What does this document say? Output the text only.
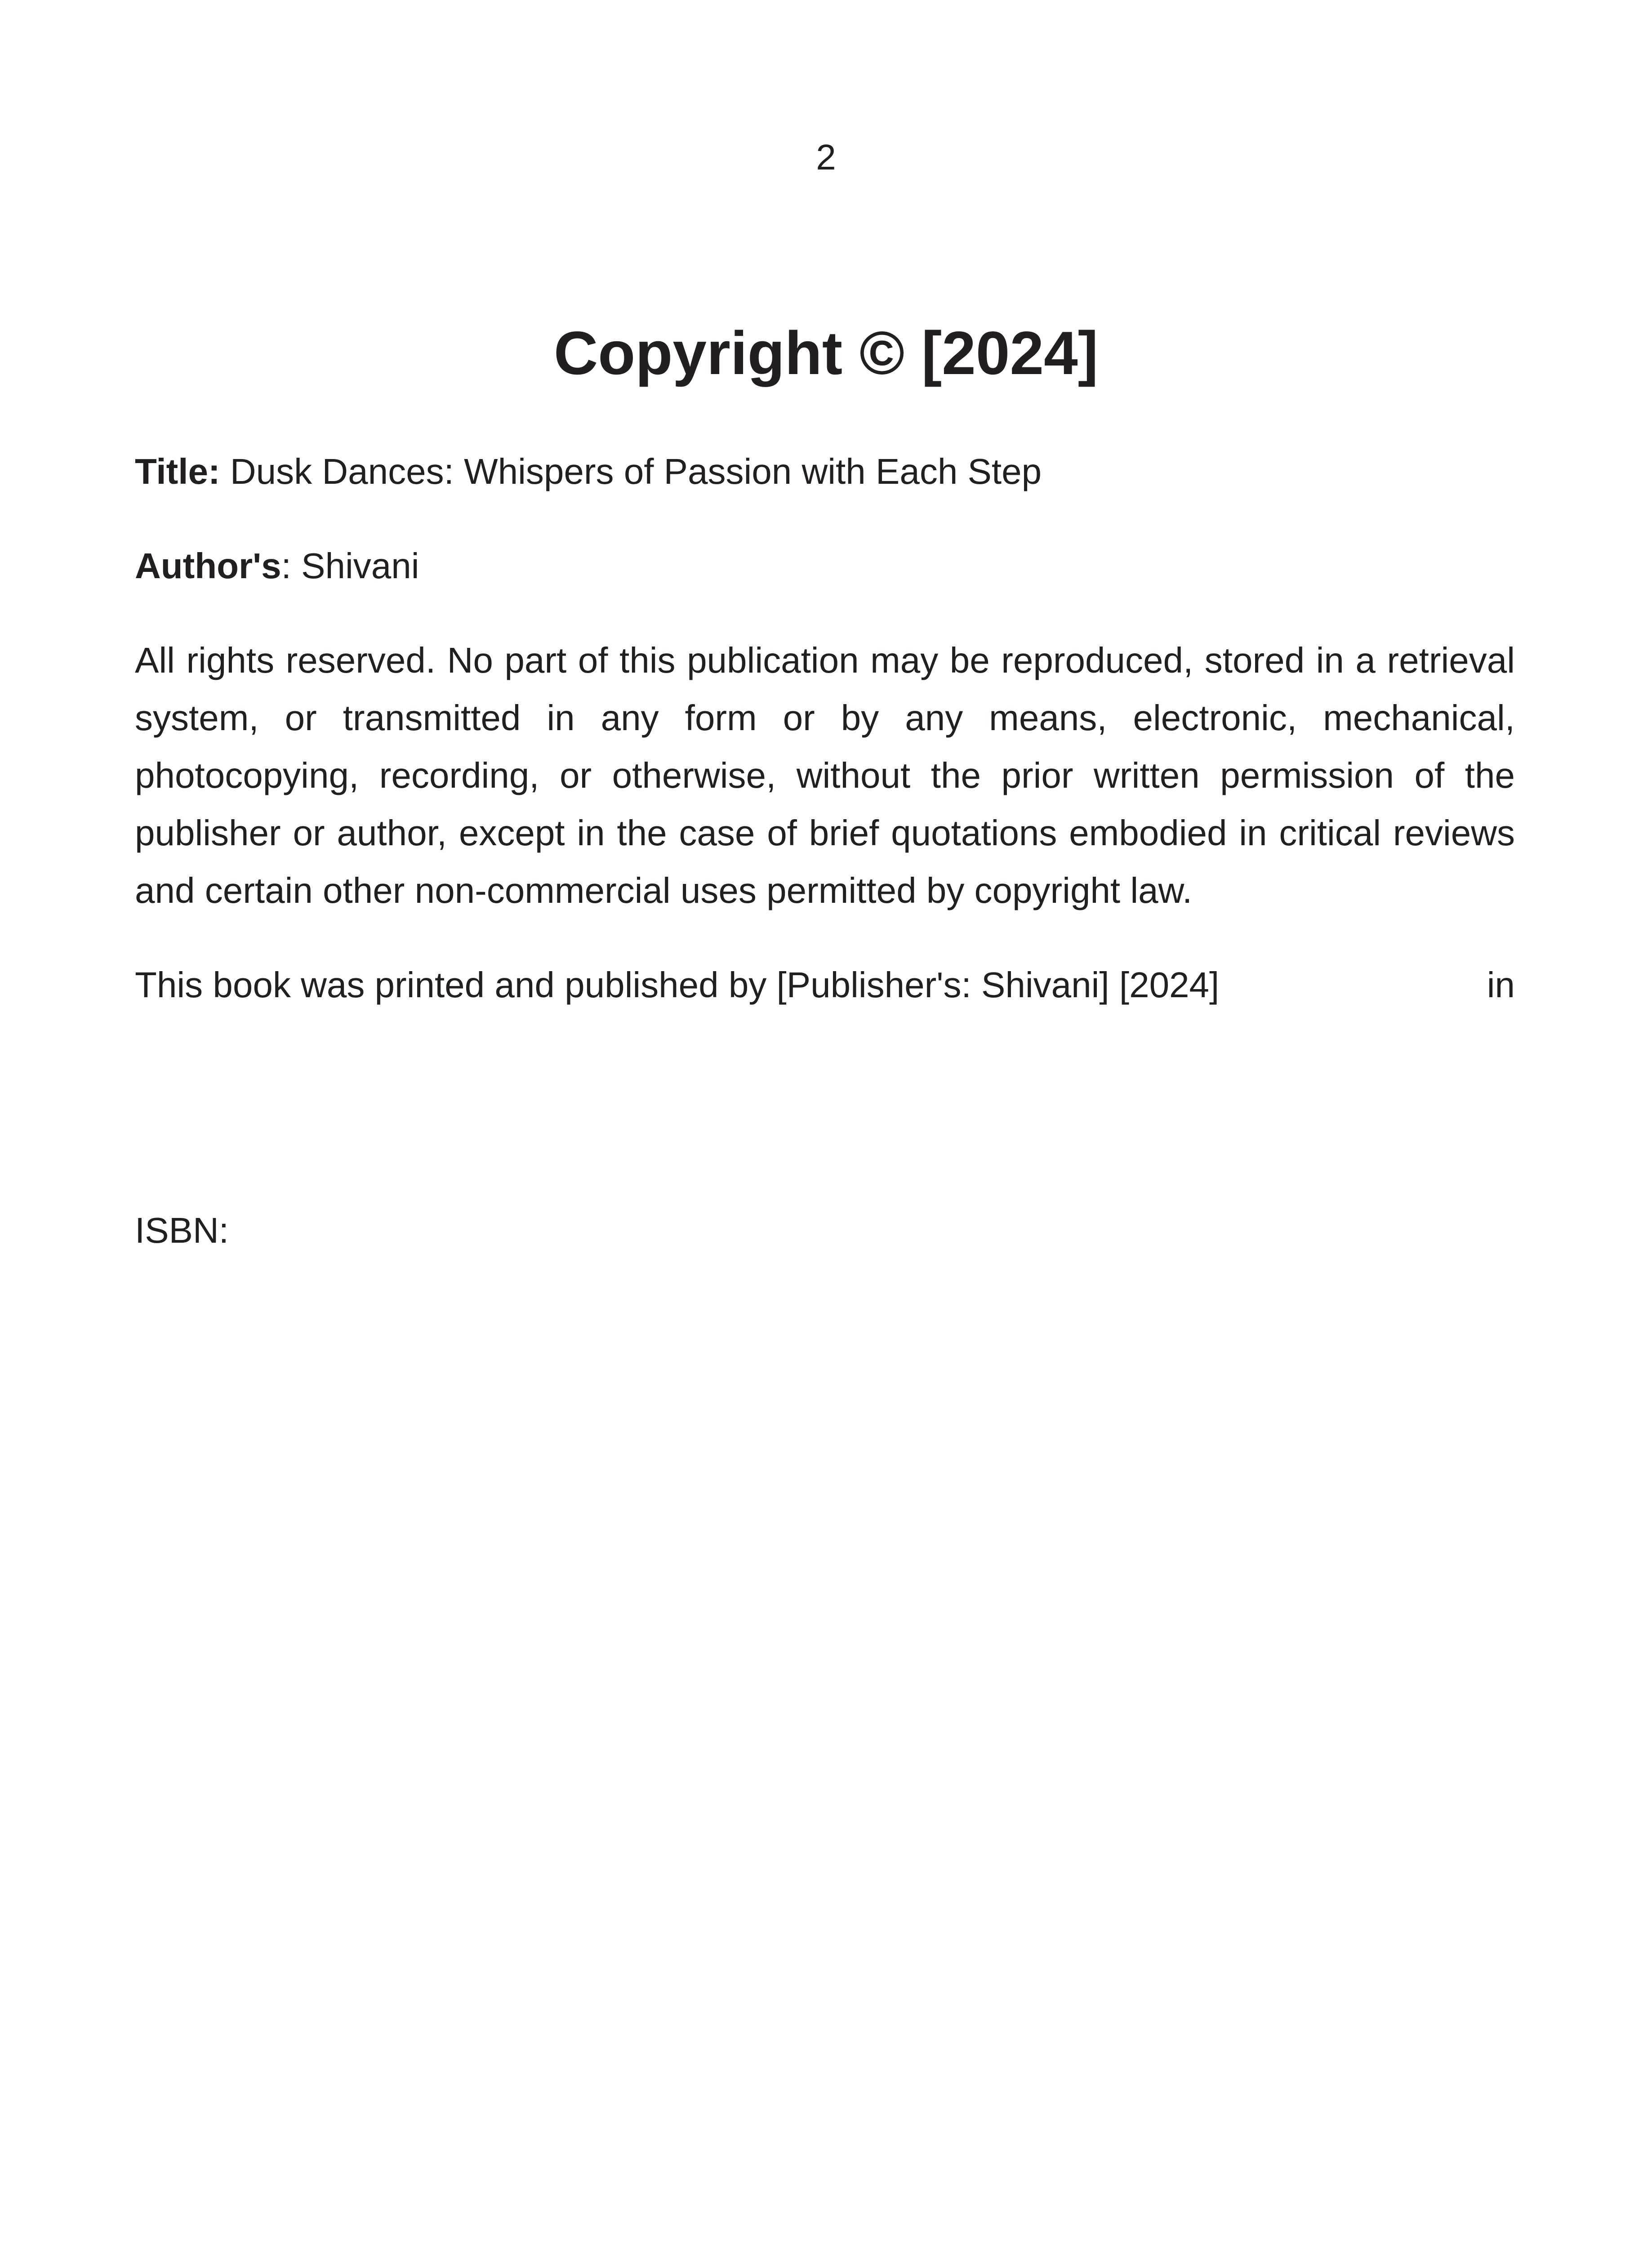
2
Copyright © [2024]

Title: Dusk Dances: Whispers of Passion with Each Step

Author's: Shivani

All rights reserved. No part of this publication may be reproduced, stored in a retrieval system, or transmitted in any form or by any means, electronic, mechanical, photocopying, recording, or otherwise, without the prior written permission of the publisher or author, except in the case of brief quotations embodied in critical reviews and certain other non-commercial uses permitted by copyright law.

This book was printed and published by [Publisher's: Shivani] [2024]	in

ISBN:
